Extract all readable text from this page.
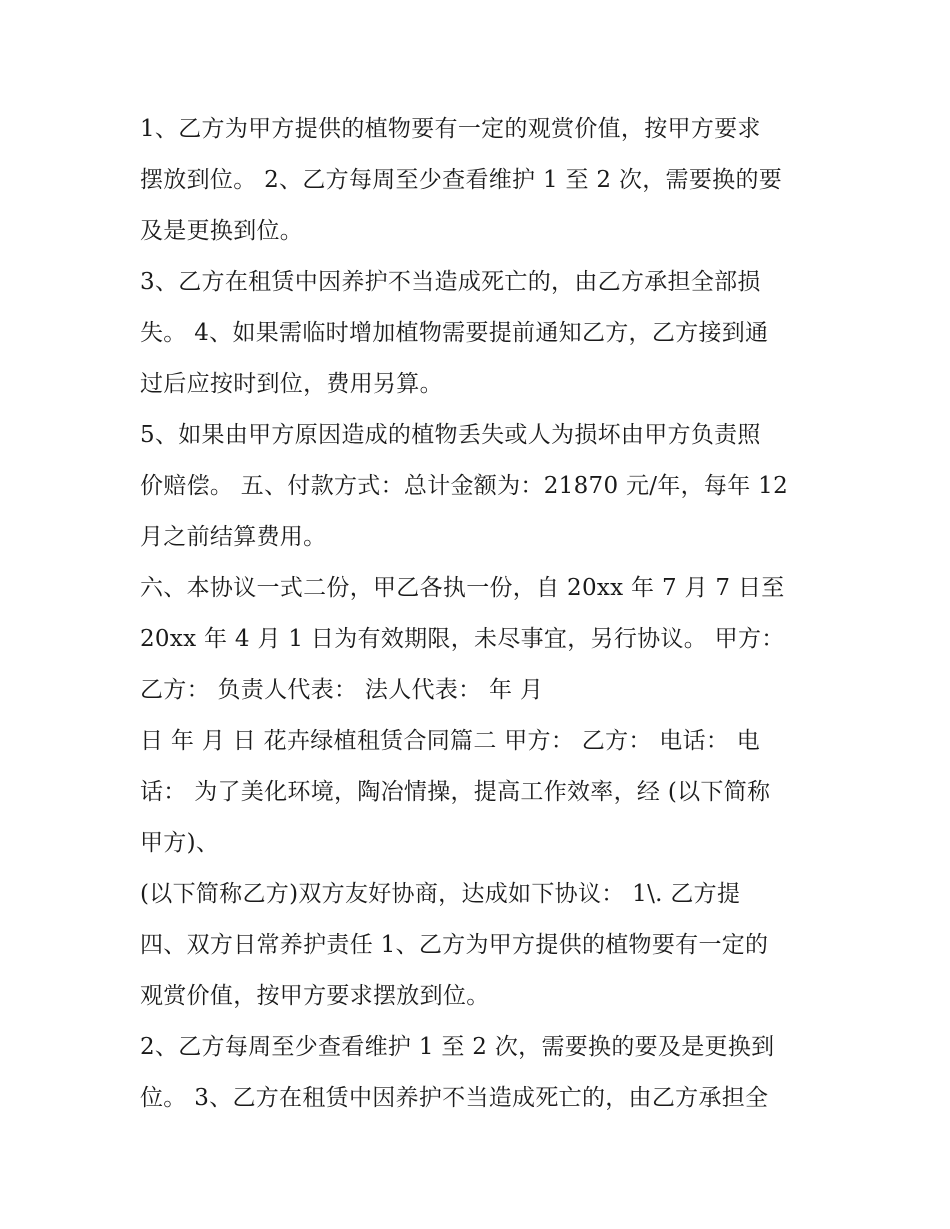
1、乙方为甲方提供的植物要有一定的观赏价值，按甲方要求
摆放到位。 2、乙方每周至少查看维护 1 至 2 次，需要换的要
及是更换到位。
3、乙方在租赁中因养护不当造成死亡的，由乙方承担全部损
失。 4、如果需临时增加植物需要提前通知乙方，乙方接到通
过后应按时到位，费用另算。
5、如果由甲方原因造成的植物丢失或人为损坏由甲方负责照
价赔偿。 五、付款方式：总计金额为：21870 元/年，每年 12
月之前结算费用。
六、本协议一式二份，甲乙各执一份，自 20xx 年 7 月 7 日至
20xx 年 4 月 1 日为有效期限，未尽事宜，另行协议。 甲方：
乙方： 负责人代表： 法人代表： 年 月
日 年 月 日 花卉绿植租赁合同篇二 甲方： 乙方： 电话： 电
话： 为了美化环境，陶冶情操，提高工作效率，经 (以下简称
甲方)、
(以下简称乙方)双方友好协商，达成如下协议： 1\. 乙方提
四、双方日常养护责任 1、乙方为甲方提供的植物要有一定的
观赏价值，按甲方要求摆放到位。
2、乙方每周至少查看维护 1 至 2 次，需要换的要及是更换到
位。 3、乙方在租赁中因养护不当造成死亡的，由乙方承担全
